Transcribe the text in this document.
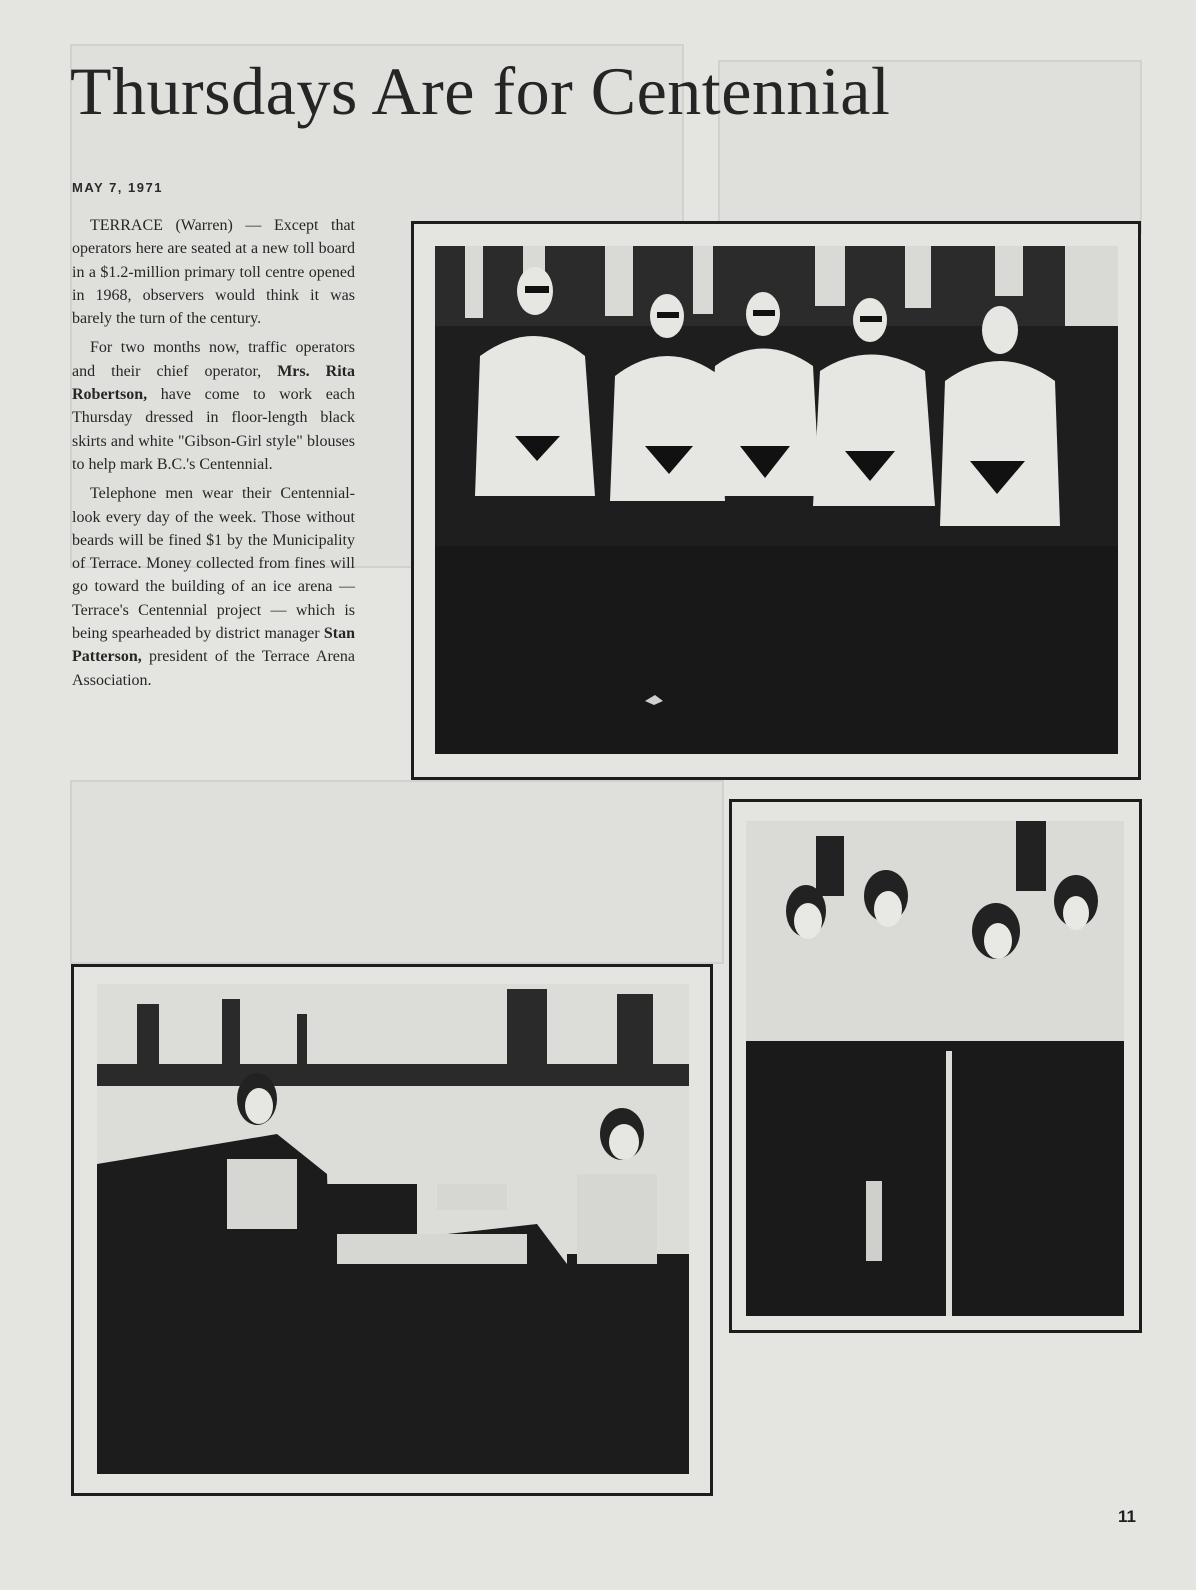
Thursdays Are for Centennial
MAY 7, 1971

TERRACE (Warren) — Except that operators here are seated at a new toll board in a $1.2-million primary toll centre opened in 1968, observers would think it was barely the turn of the century.

For two months now, traffic operators and their chief operator, Mrs. Rita Robertson, have come to work each Thursday dressed in floor-length black skirts and white "Gibson-Girl style" blouses to help mark B.C.'s Centennial.

Telephone men wear their Centennial-look every day of the week. Those without beards will be fined $1 by the Municipality of Terrace. Money collected from fines will go toward the building of an ice arena — Terrace's Centennial project — which is being spearheaded by district manager Stan Patterson, president of the Terrace Arena Association.

11
